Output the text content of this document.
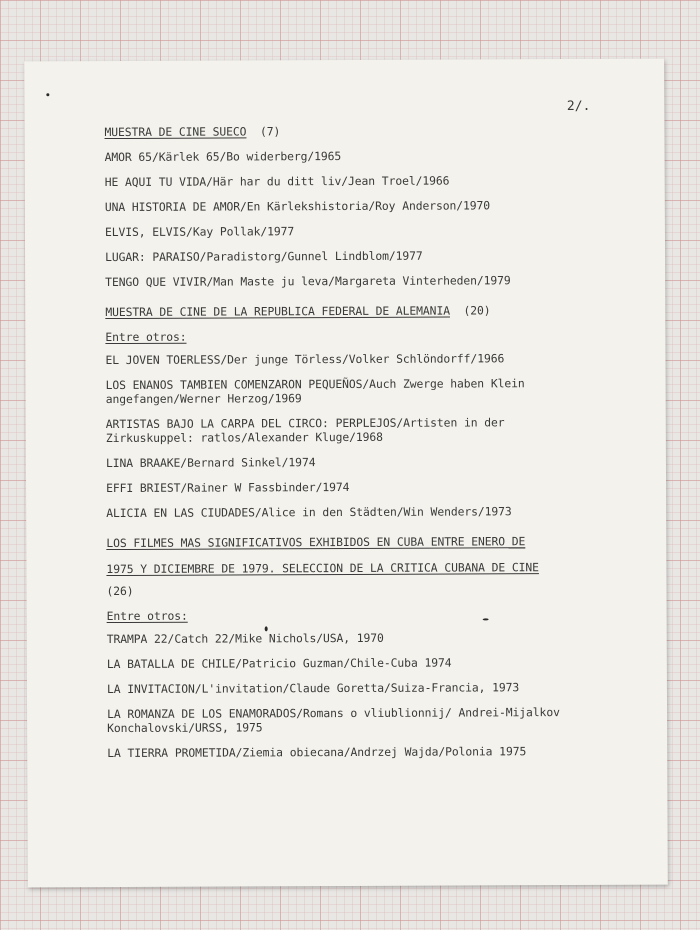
2/.
MUESTRA DE CINE SUECO (7)
AMOR 65/Kärlek 65/Bo widerberg/1965
HE AQUI TU VIDA/Här har du ditt liv/Jean Troel/1966
UNA HISTORIA DE AMOR/En Kärlekshistoria/Roy Anderson/1970
ELVIS, ELVIS/Kay Pollak/1977
LUGAR: PARAISO/Paradistorg/Gunnel Lindblom/1977
TENGO QUE VIVIR/Man Maste ju leva/Margareta Vinterheden/1979
MUESTRA DE CINE DE LA REPUBLICA FEDERAL DE ALEMANIA (20)
Entre otros:
EL JOVEN TOERLESS/Der junge Törless/Volker Schlöndorff/1966
LOS ENANOS TAMBIEN COMENZARON PEQUEÑOS/Auch Zwerge haben Klein
angefangen/Werner Herzog/1969
ARTISTAS BAJO LA CARPA DEL CIRCO: PERPLEJOS/Artisten in der
Zirkuskuppel: ratlos/Alexander Kluge/1968
LINA BRAAKE/Bernard Sinkel/1974
EFFI BRIEST/Rainer W Fassbinder/1974
ALICIA EN LAS CIUDADES/Alice in den Städten/Win Wenders/1973
LOS FILMES MAS SIGNIFICATIVOS EXHIBIDOS EN CUBA ENTRE ENERO DE
1975 Y DICIEMBRE DE 1979. SELECCION DE LA CRITICA CUBANA DE CINE
(26)
Entre otros:
TRAMPA 22/Catch 22/Mike Nichols/USA, 1970
LA BATALLA DE CHILE/Patricio Guzman/Chile-Cuba 1974
LA INVITACION/L'invitation/Claude Goretta/Suiza-Francia, 1973
LA ROMANZA DE LOS ENAMORADOS/Romans o vliublionnij/ Andrei-Mijalkov
Konchalovski/URSS, 1975
LA TIERRA PROMETIDA/Ziemia obiecana/Andrzej Wajda/Polonia 1975
